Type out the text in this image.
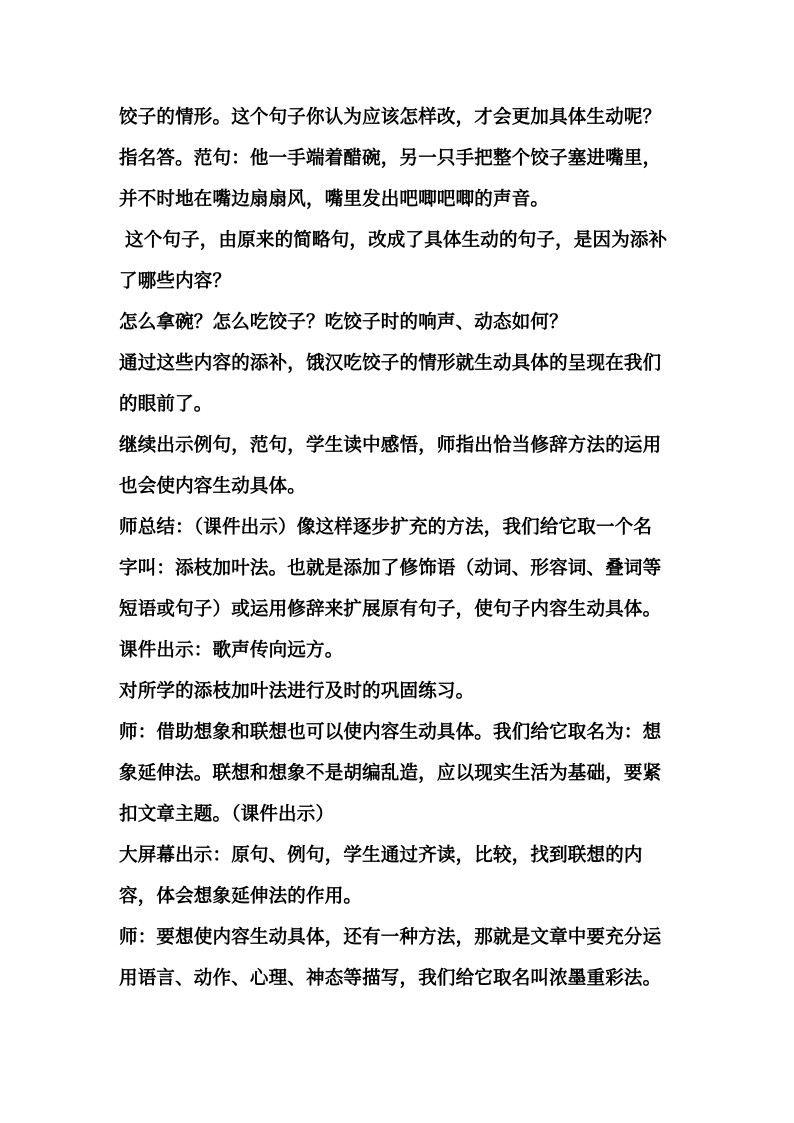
饺子的情形。这个句子你认为应该怎样改，才会更加具体生动呢？
指名答。范句：他一手端着醋碗，另一只手把整个饺子塞进嘴里，
并不时地在嘴边扇扇风，嘴里发出吧唧吧唧的声音。
这个句子，由原来的简略句，改成了具体生动的句子，是因为添补
了哪些内容？
怎么拿碗？怎么吃饺子？吃饺子时的响声、动态如何？
通过这些内容的添补，饿汉吃饺子的情形就生动具体的呈现在我们
的眼前了。
继续出示例句，范句，学生读中感悟，师指出恰当修辞方法的运用
也会使内容生动具体。
师总结：（课件出示）像这样逐步扩充的方法，我们给它取一个名
字叫：添枝加叶法。也就是添加了修饰语（动词、形容词、叠词等
短语或句子）或运用修辞来扩展原有句子，使句子内容生动具体。
课件出示：歌声传向远方。
对所学的添枝加叶法进行及时的巩固练习。
师：借助想象和联想也可以使内容生动具体。我们给它取名为：想
象延伸法。联想和想象不是胡编乱造，应以现实生活为基础，要紧
扣文章主题。（课件出示）
大屏幕出示：原句、例句，学生通过齐读，比较，找到联想的内
容，体会想象延伸法的作用。
师：要想使内容生动具体，还有一种方法，那就是文章中要充分运
用语言、动作、心理、神态等描写，我们给它取名叫浓墨重彩法。
